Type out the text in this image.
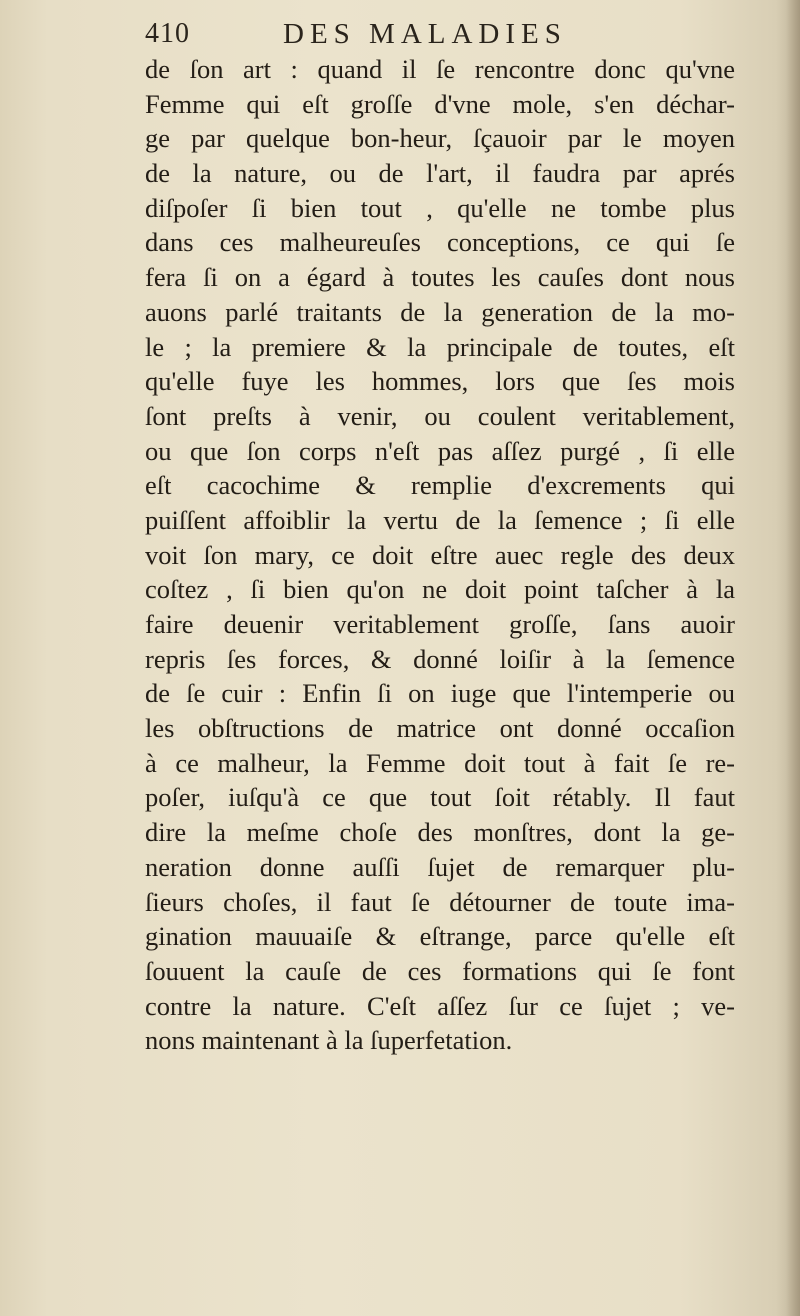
410	DES MALADIES
de ſon art : quand il ſe rencontre donc qu'vne
Femme qui eſt groſſe d'vne mole, s'en déchar-
ge par quelque bon-heur, ſçauoir par le moyen
de la nature, ou de l'art, il faudra par aprés
diſpoſer ſi bien tout , qu'elle ne tombe plus
dans ces malheureuſes conceptions, ce qui ſe
fera ſi on a égard à toutes les cauſes dont nous
auons parlé traitants de la generation de la mo-
le ; la premiere & la principale de toutes, eſt
qu'elle fuye les hommes, lors que ſes mois
ſont preſts à venir, ou coulent veritablement,
ou que ſon corps n'eſt pas aſſez purgé , ſi elle
eſt cacochime & remplie d'excrements qui
puiſſent affoiblir la vertu de la ſemence ; ſi elle
voit ſon mary, ce doit eſtre auec regle des deux
coſtez , ſi bien qu'on ne doit point taſcher à la
faire deuenir veritablement groſſe, ſans auoir
repris ſes forces, & donné loiſir à la ſemence
de ſe cuir : Enfin ſi on iuge que l'intemperie ou
les obſtructions de matrice ont donné occaſion
à ce malheur, la Femme doit tout à fait ſe re-
poſer, iuſqu'à ce que tout ſoit rétably. Il faut
dire la meſme choſe des monſtres, dont la ge-
neration donne auſſi ſujet de remarquer plu-
ſieurs choſes, il faut ſe détourner de toute ima-
gination mauuaiſe & eſtrange, parce qu'elle eſt
ſouuent la cauſe de ces formations qui ſe font
contre la nature. C'eſt aſſez ſur ce ſujet ; ve-
nons maintenant à la ſuperfetation.
